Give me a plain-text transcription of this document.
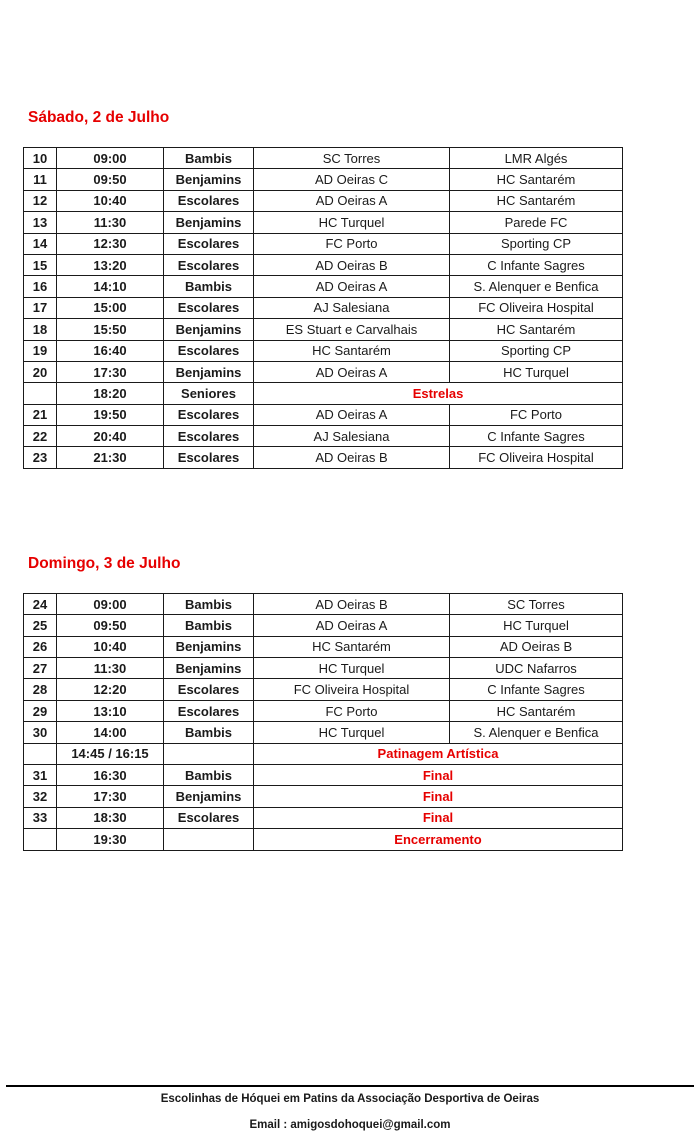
Sábado, 2 de Julho
10	09:00	Bambis	SC Torres	LMR Algés
11	09:50	Benjamins	AD Oeiras C	HC Santarém
12	10:40	Escolares	AD Oeiras A	HC Santarém
13	11:30	Benjamins	HC Turquel	Parede FC
14	12:30	Escolares	FC Porto	Sporting CP
15	13:20	Escolares	AD Oeiras B	C Infante Sagres
16	14:10	Bambis	AD Oeiras A	S. Alenquer e Benfica
17	15:00	Escolares	AJ Salesiana	FC Oliveira Hospital
18	15:50	Benjamins	ES Stuart e Carvalhais	HC Santarém
19	16:40	Escolares	HC Santarém	Sporting CP
20	17:30	Benjamins	AD Oeiras A	HC Turquel
	18:20	Seniores	Estrelas	
21	19:50	Escolares	AD Oeiras A	FC Porto
22	20:40	Escolares	AJ Salesiana	C Infante Sagres
23	21:30	Escolares	AD Oeiras B	FC Oliveira Hospital
Domingo, 3 de Julho
24	09:00	Bambis	AD Oeiras B	SC Torres
25	09:50	Bambis	AD Oeiras A	HC Turquel
26	10:40	Benjamins	HC Santarém	AD Oeiras B
27	11:30	Benjamins	HC Turquel	UDC Nafarros
28	12:20	Escolares	FC Oliveira Hospital	C Infante Sagres
29	13:10	Escolares	FC Porto	HC Santarém
30	14:00	Bambis	HC Turquel	S. Alenquer e Benfica
	14:45 / 16:15		Patinagem Artística	
31	16:30	Bambis	Final	
32	17:30	Benjamins	Final	
33	18:30	Escolares	Final	
	19:30		Encerramento	

Escolinhas de Hóquei em Patins da Associação Desportiva de Oeiras

Email : amigosdohoquei@gmail.com
